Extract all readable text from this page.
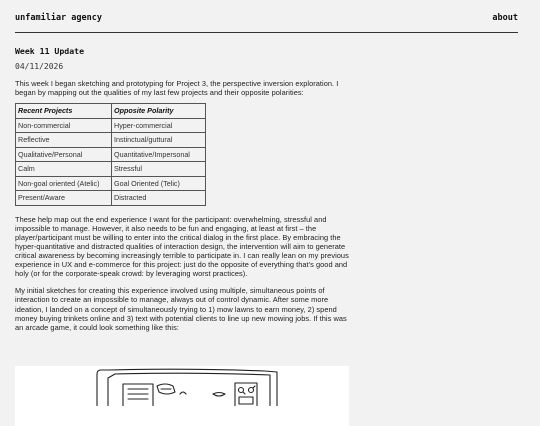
unfamiliar agency	about
Week 11 Update
04/11/2026

This week I began sketching and prototyping for Project 3, the perspective inversion exploration. I began by mapping out the qualities of my last few projects and their opposite polarities:

Recent Projects	Opposite Polarity
Non-commercial	Hyper-commercial
Reflective	Instinctual/guttural
Qualitative/Personal	Quantitative/Impersonal
Calm	Stressful
Non-goal oriented (Atelic)	Goal Oriented (Telic)
Present/Aware	Distracted

These help map out the end experience I want for the participant: overwhelming, stressful and impossible to manage. However, it also needs to be fun and engaging, at least at first – the player/participant must be willing to enter into the critical dialog in the first place. By embracing the hyper-quantitative and distracted qualities of interaction design, the intervention will aim to generate critical awareness by becoming increasingly terrible to participate in. I can really lean on my previous experience in UX and e-commerce for this project: just do the opposite of everything that's good and holy (or for the corporate-speak crowd: by leveraging worst practices).

My initial sketches for creating this experience involved using multiple, simultaneous points of interaction to create an impossible to manage, always out of control dynamic. After some more ideation, I landed on a concept of simultaneously trying to 1) mow lawns to earn money, 2) spend money buying trinkets online and 3) text with potential clients to line up new mowing jobs. If this was an arcade game, it could look something like this:
